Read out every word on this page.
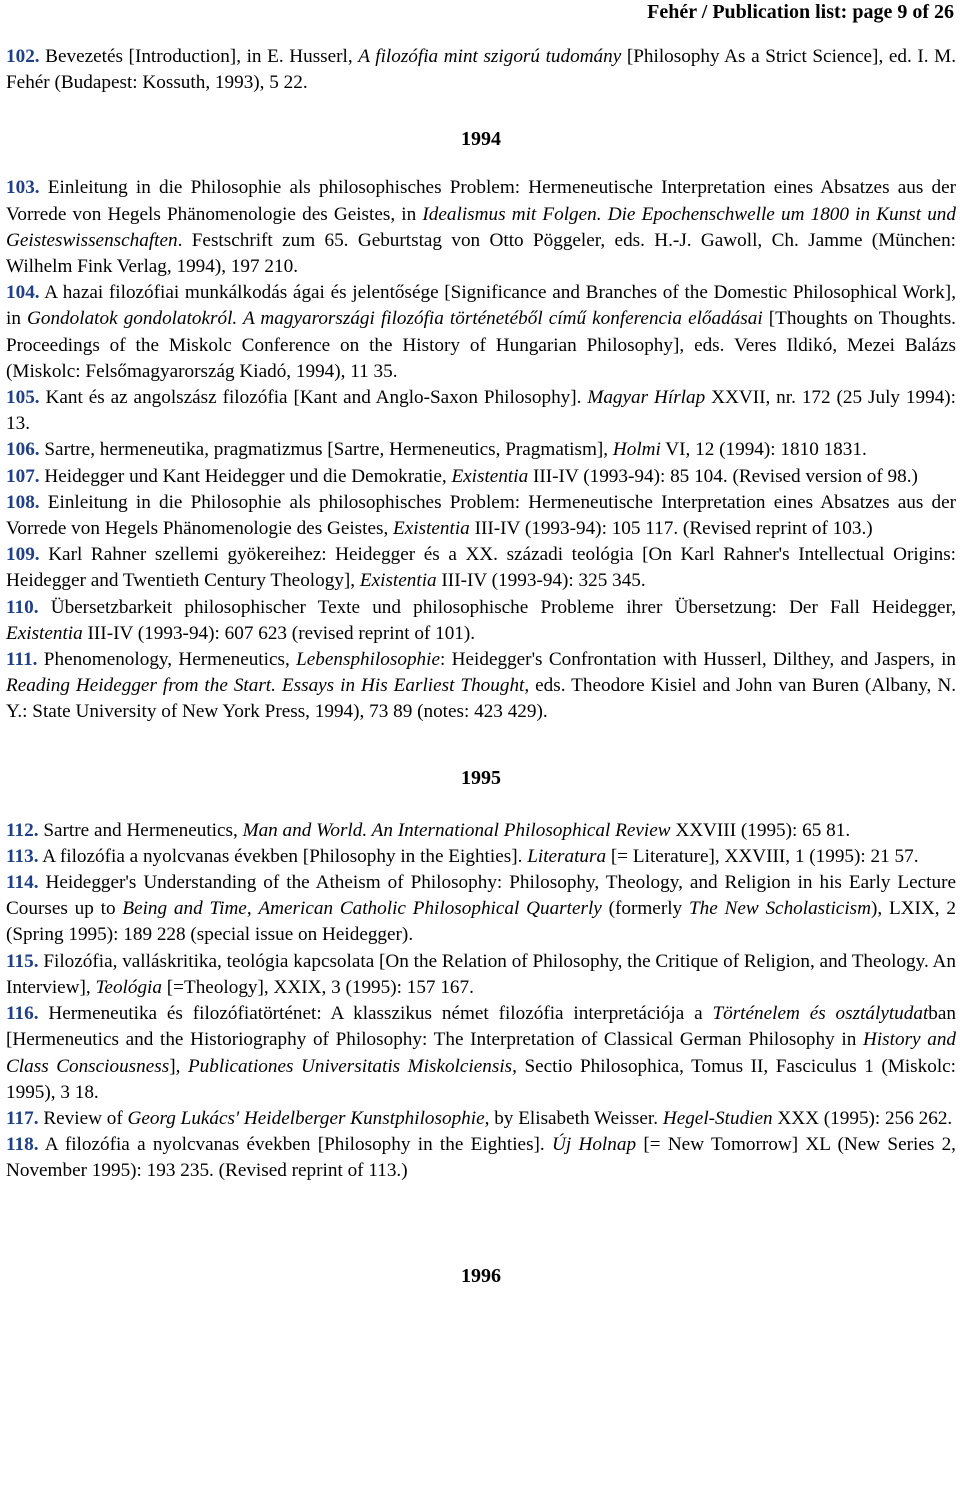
Fehér / Publication list: page 9 of 26

102. Bevezetés [Introduction], in E. Husserl, A filozófia mint szigorú tudomány [Philosophy As a Strict Science], ed. I. M. Fehér (Budapest: Kossuth, 1993), 5 22.

1994

103. Einleitung in die Philosophie als philosophisches Problem: Hermeneutische Interpretation eines Absatzes aus der Vorrede von Hegels Phänomenologie des Geistes, in Idealismus mit Folgen. Die Epochenschwelle um 1800 in Kunst und Geisteswissenschaften. Festschrift zum 65. Geburtstag von Otto Pöggeler, eds. H.-J. Gawoll, Ch. Jamme (München: Wilhelm Fink Verlag, 1994), 197 210.

104. A hazai filozófiai munkálkodás ágai és jelentősége [Significance and Branches of the Domestic Philosophical Work], in Gondolatok gondolatokról. A magyarországi filozófia történetéből című konferencia előadásai [Thoughts on Thoughts. Proceedings of the Miskolc Conference on the History of Hungarian Philosophy], eds. Veres Ildikó, Mezei Balázs (Miskolc: Felsőmagyarország Kiadó, 1994), 11 35.

105. Kant és az angolszász filozófia [Kant and Anglo-Saxon Philosophy]. Magyar Hírlap XXVII, nr. 172 (25 July 1994): 13.

106. Sartre, hermeneutika, pragmatizmus [Sartre, Hermeneutics, Pragmatism], Holmi VI, 12 (1994): 1810 1831.

107. Heidegger und Kant Heidegger und die Demokratie, Existentia III-IV (1993-94): 85 104. (Revised version of 98.)

108. Einleitung in die Philosophie als philosophisches Problem: Hermeneutische Interpretation eines Absatzes aus der Vorrede von Hegels Phänomenologie des Geistes, Existentia III-IV (1993-94): 105 117. (Revised reprint of 103.)

109. Karl Rahner szellemi gyökereihez: Heidegger és a XX. századi teológia [On Karl Rahner's Intellectual Origins: Heidegger and Twentieth Century Theology], Existentia III-IV (1993-94): 325 345.

110. Übersetzbarkeit philosophischer Texte und philosophische Probleme ihrer Übersetzung: Der Fall Heidegger, Existentia III-IV (1993-94): 607 623 (revised reprint of 101).

111. Phenomenology, Hermeneutics, Lebensphilosophie: Heidegger's Confrontation with Husserl, Dilthey, and Jaspers, in Reading Heidegger from the Start. Essays in His Earliest Thought, eds. Theodore Kisiel and John van Buren (Albany, N. Y.: State University of New York Press, 1994), 73 89 (notes: 423 429).

1995

112. Sartre and Hermeneutics, Man and World. An International Philosophical Review XXVIII (1995): 65 81.

113. A filozófia a nyolcvanas években [Philosophy in the Eighties]. Literatura [= Literature], XXVIII, 1 (1995): 21 57.

114. Heidegger's Understanding of the Atheism of Philosophy: Philosophy, Theology, and Religion in his Early Lecture Courses up to Being and Time, American Catholic Philosophical Quarterly (formerly The New Scholasticism), LXIX, 2 (Spring 1995): 189 228 (special issue on Heidegger).

115. Filozófia, valláskritika, teológia kapcsolata [On the Relation of Philosophy, the Critique of Religion, and Theology. An Interview], Teológia [=Theology], XXIX, 3 (1995): 157 167.

116. Hermeneutika és filozófiatörténet: A klasszikus német filozófia interpretációja a Történelem és osztálytudatban [Hermeneutics and the Historiography of Philosophy: The Interpretation of Classical German Philosophy in History and Class Consciousness], Publicationes Universitatis Miskolciensis, Sectio Philosophica, Tomus II, Fasciculus 1 (Miskolc: 1995), 3 18.

117. Review of Georg Lukács' Heidelberger Kunstphilosophie, by Elisabeth Weisser. Hegel-Studien XXX (1995): 256 262.

118. A filozófia a nyolcvanas években [Philosophy in the Eighties]. Új Holnap [= New Tomorrow] XL (New Series 2, November 1995): 193 235. (Revised reprint of 113.)

1996
